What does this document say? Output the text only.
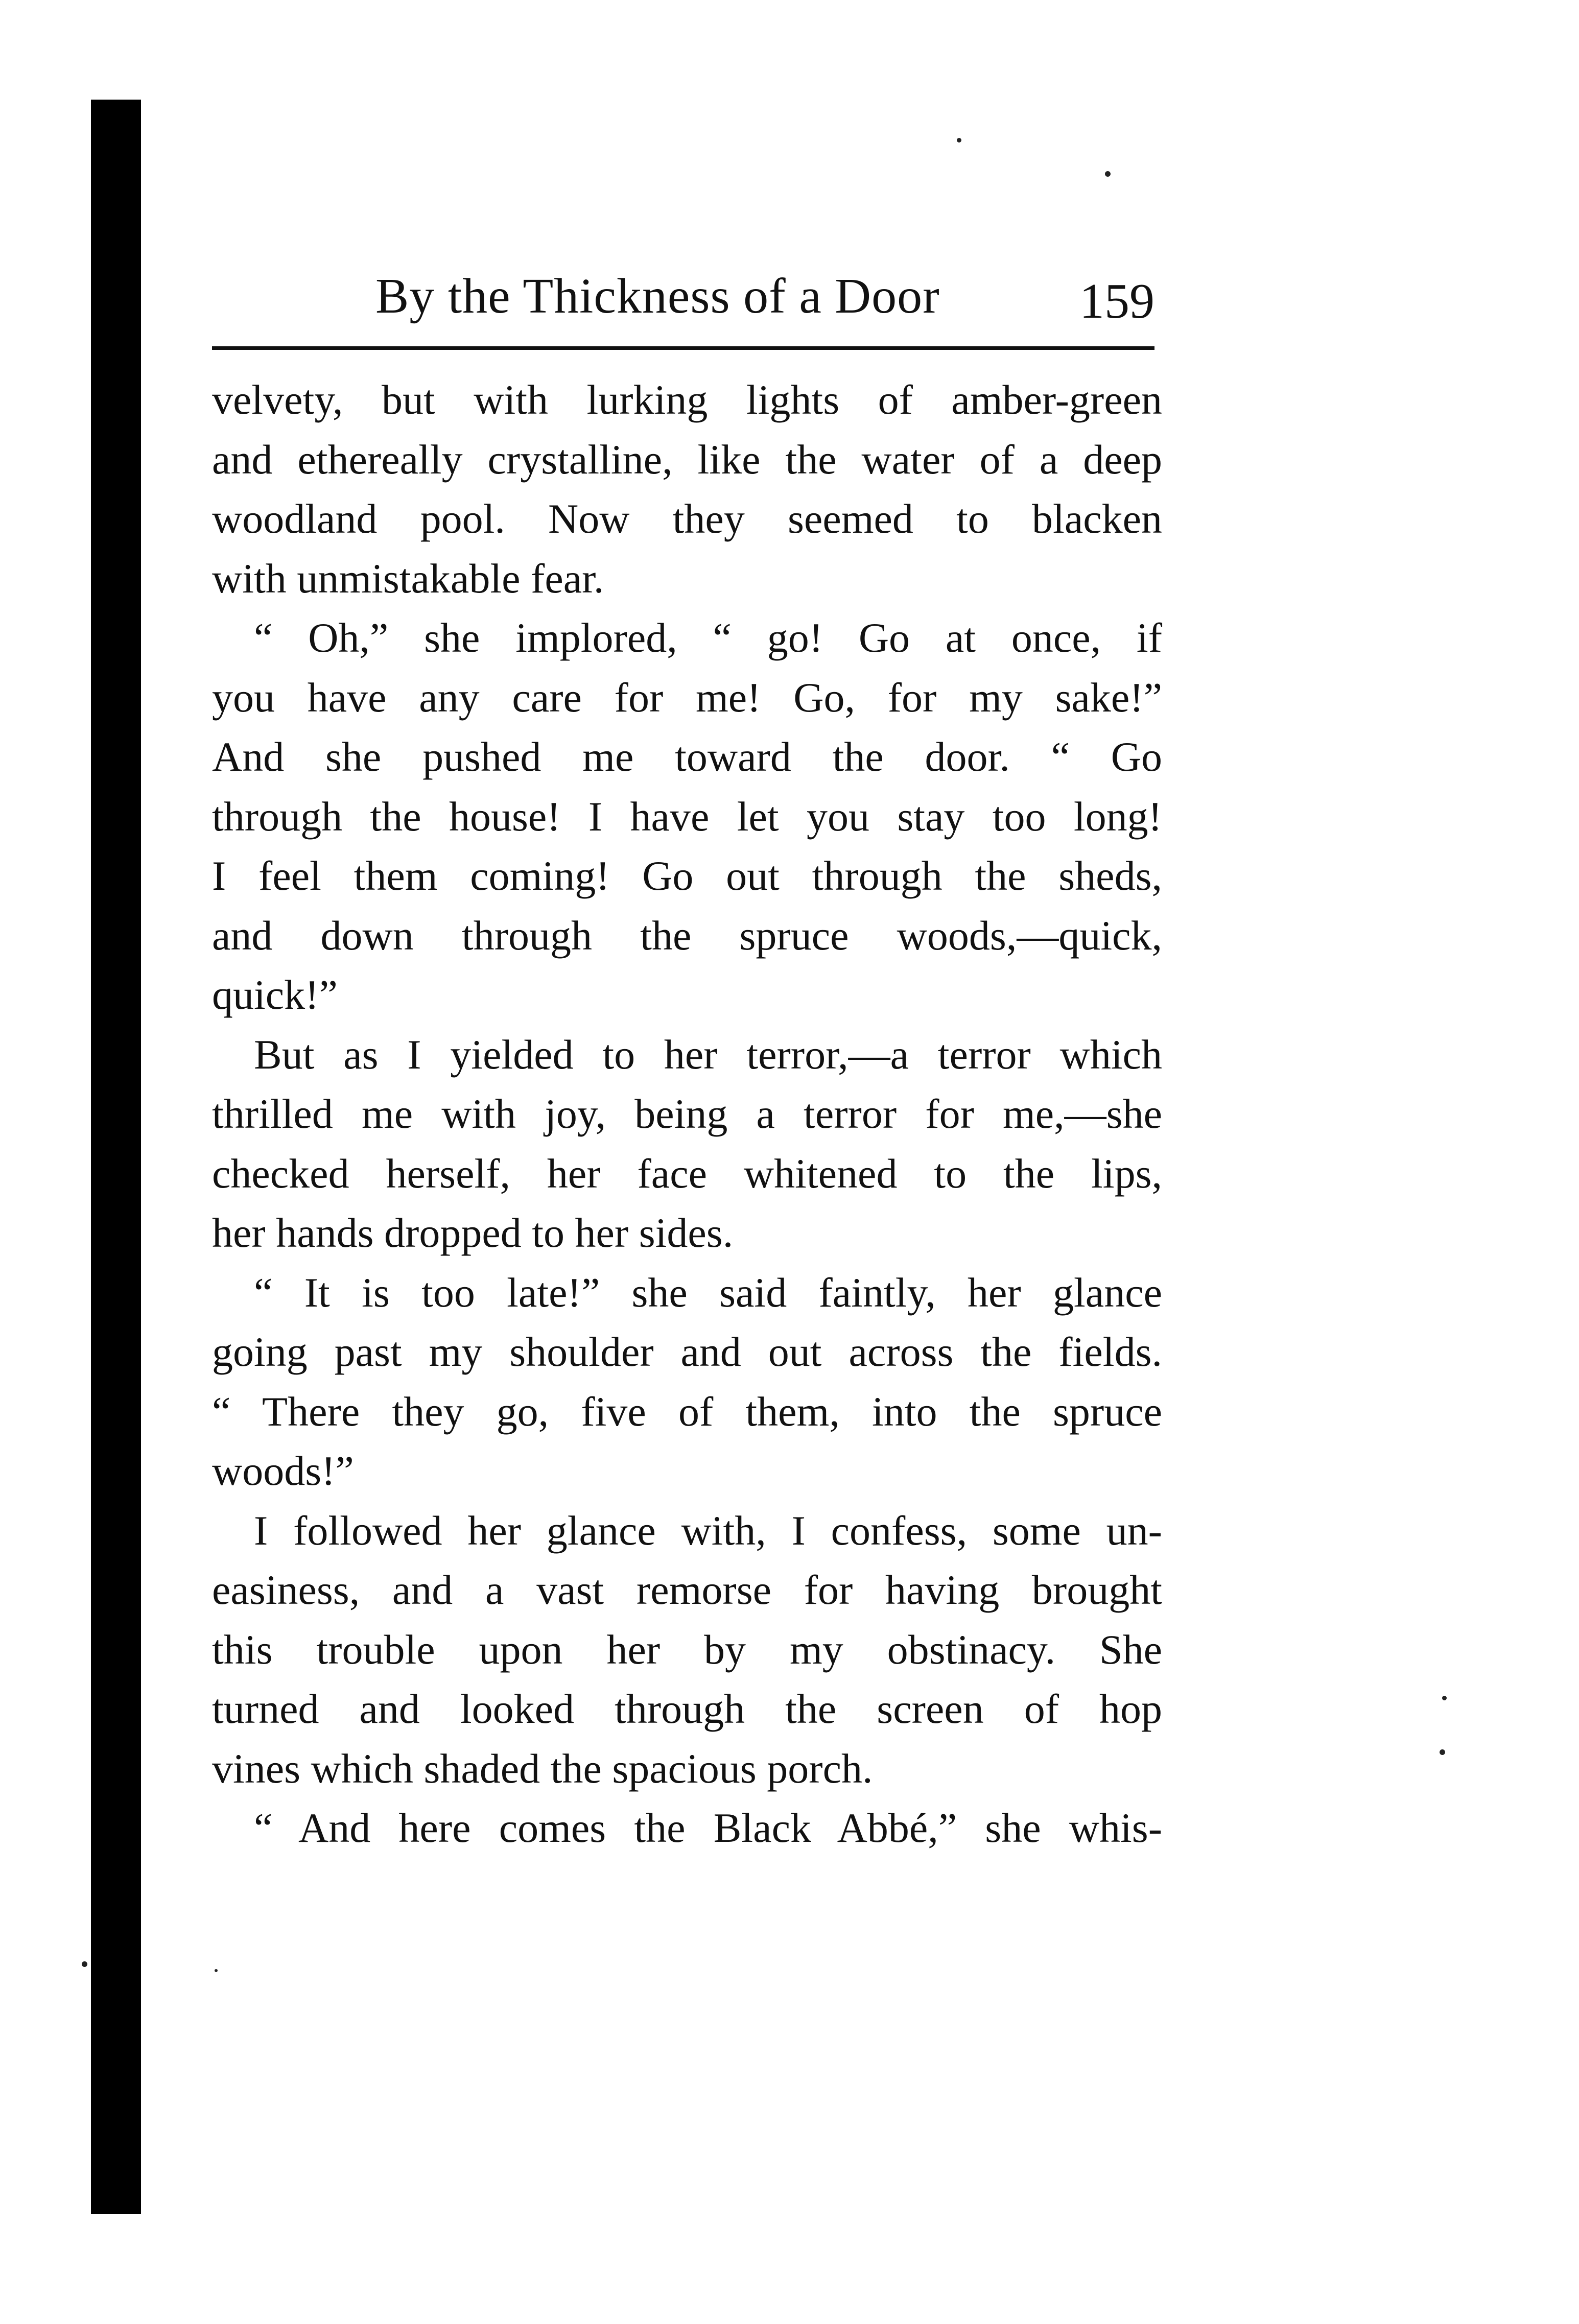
By the Thickness of a Door	159
velvety, but with lurking lights of amber-green
and ethereally crystalline, like the water of a deep
woodland pool. Now they seemed to blacken
with unmistakable fear.
“ Oh,” she implored, “ go! Go at once, if
you have any care for me! Go, for my sake!”
And she pushed me toward the door. “ Go
through the house! I have let you stay too long!
I feel them coming! Go out through the sheds,
and down through the spruce woods,—quick,
quick!”
But as I yielded to her terror,—a terror which
thrilled me with joy, being a terror for me,—she
checked herself, her face whitened to the lips,
her hands dropped to her sides.
“ It is too late!” she said faintly, her glance
going past my shoulder and out across the fields.
“ There they go, five of them, into the spruce
woods!”
I followed her glance with, I confess, some un-
easiness, and a vast remorse for having brought
this trouble upon her by my obstinacy. She
turned and looked through the screen of hop
vines which shaded the spacious porch.
“ And here comes the Black Abbé,” she whis-
